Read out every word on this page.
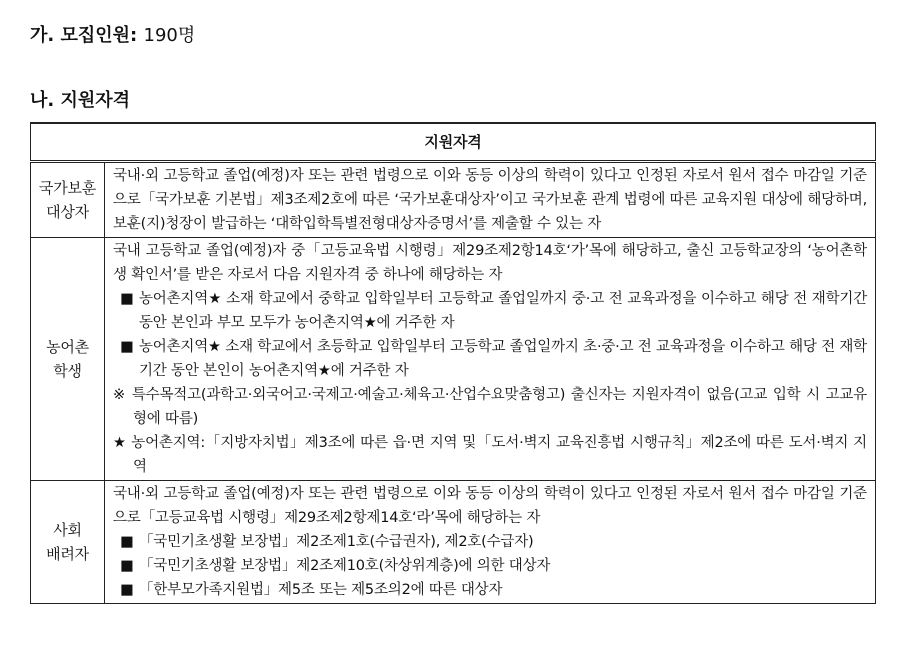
가. 모집인원: 190명
나. 지원자격
지원자격	
국가보훈
대상자	국내·외 고등학교 졸업(예정)자 또는 관련 법령으로 이와 동등 이상의 학력이 있다고 인정된 자로서 원서 접수 마감일 기준으로「국가보훈 기본법」제3조제2호에 따른 ‘국가보훈대상자’이고 국가보훈 관계 법령에 따른 교육지원 대상에 해당하며, 보훈(지)청장이 발급하는 ‘대학입학특별전형대상자증명서’를 제출할 수 있는 자

농어촌
학생	국내 고등학교 졸업(예정)자 중「고등교육법 시행령」제29조제2항14호‘가’목에 해당하고, 출신 고등학교장의 ‘농어촌학생 확인서’를 받은 자로서 다음 지원자격 중 하나에 해당하는 자
■ 농어촌지역★ 소재 학교에서 중학교 입학일부터 고등학교 졸업일까지 중·고 전 교육과정을 이수하고 해당 전 재학기간 동안 본인과 부모 모두가 농어촌지역★에 거주한 자
■ 농어촌지역★ 소재 학교에서 초등학교 입학일부터 고등학교 졸업일까지 초·중·고 전 교육과정을 이수하고 해당 전 재학기간 동안 본인이 농어촌지역★에 거주한 자
※ 특수목적고(과학고·외국어고·국제고·예술고·체육고·산업수요맞춤형고) 출신자는 지원자격이 없음(고교 입학 시 고교유형에 따름)
★ 농어촌지역:「지방자치법」제3조에 따른 읍·면 지역 및「도서·벽지 교육진흥법 시행규칙」제2조에 따른 도서·벽지 지역

사회
배려자	국내·외 고등학교 졸업(예정)자 또는 관련 법령으로 이와 동등 이상의 학력이 있다고 인정된 자로서 원서 접수 마감일 기준으로「고등교육법 시행령」제29조제2항제14호‘라’목에 해당하는 자
■ 「국민기초생활 보장법」제2조제1호(수급권자), 제2호(수급자)
■ 「국민기초생활 보장법」제2조제10호(차상위계층)에 의한 대상자
■ 「한부모가족지원법」제5조 또는 제5조의2에 따른 대상자
